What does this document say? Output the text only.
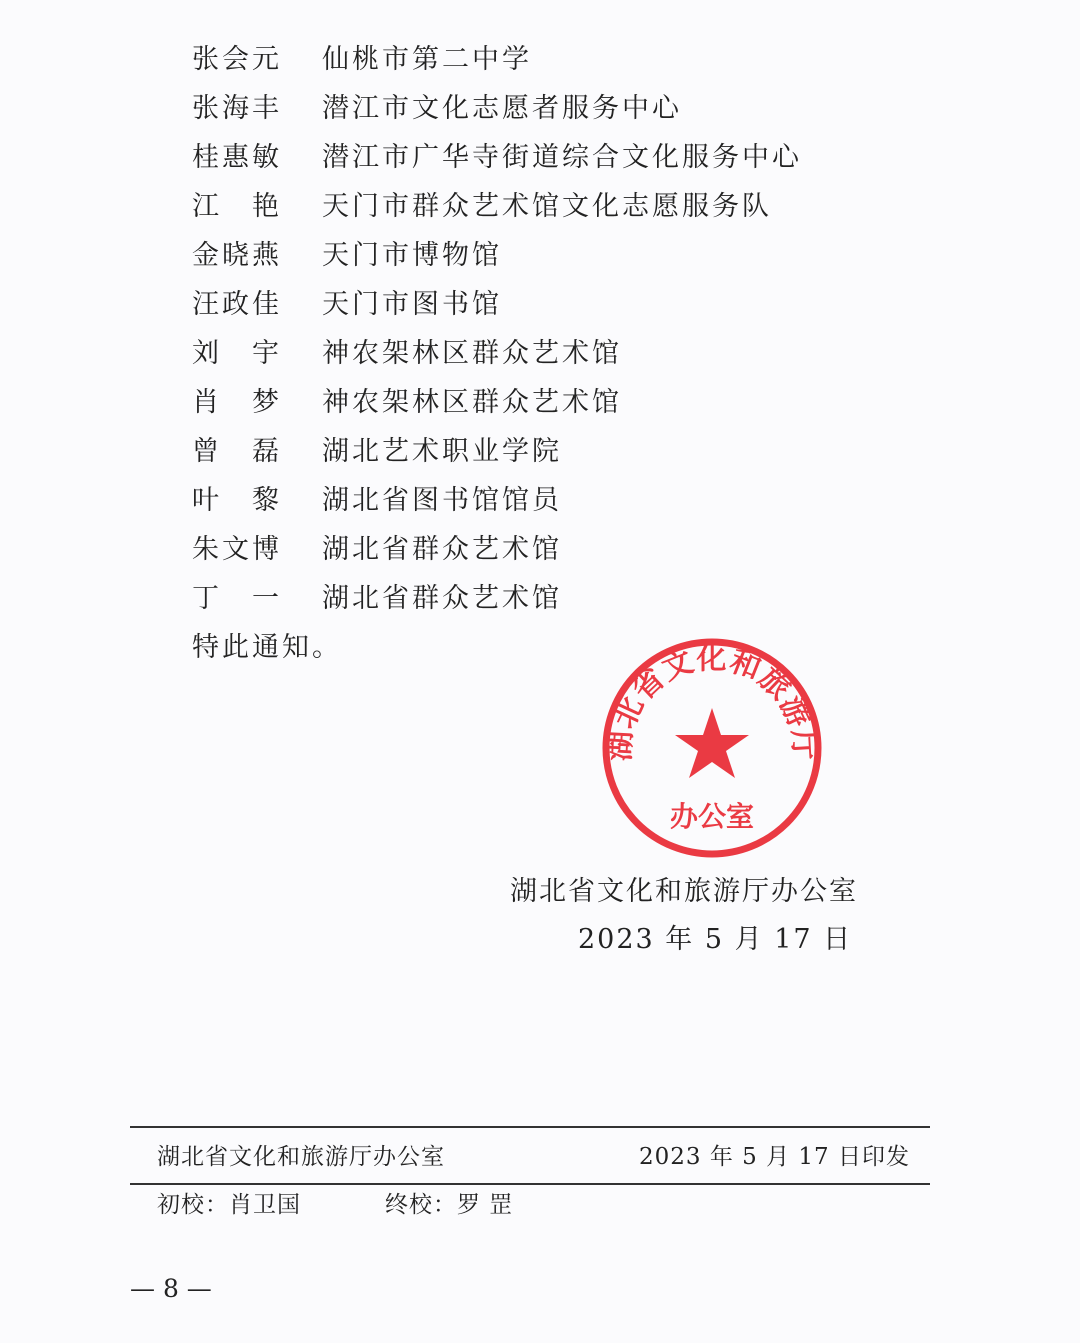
张会元	仙桃市第二中学
张海丰	潜江市文化志愿者服务中心
桂惠敏	潜江市广华寺街道综合文化服务中心
江　艳	天门市群众艺术馆文化志愿服务队
金晓燕	天门市博物馆
汪政佳	天门市图书馆
刘　宇	神农架林区群众艺术馆
肖　梦	神农架林区群众艺术馆
曾　磊	湖北艺术职业学院
叶　黎	湖北省图书馆馆员
朱文博	湖北省群众艺术馆
丁　一	湖北省群众艺术馆
特此通知。
湖北省文化和旅游厅
办公室
湖北省文化和旅游厅办公室
2023 年 5 月 17 日
湖北省文化和旅游厅办公室	2023 年 5 月 17 日印发
初校：肖卫国	终校：罗 罡
— 8 —
